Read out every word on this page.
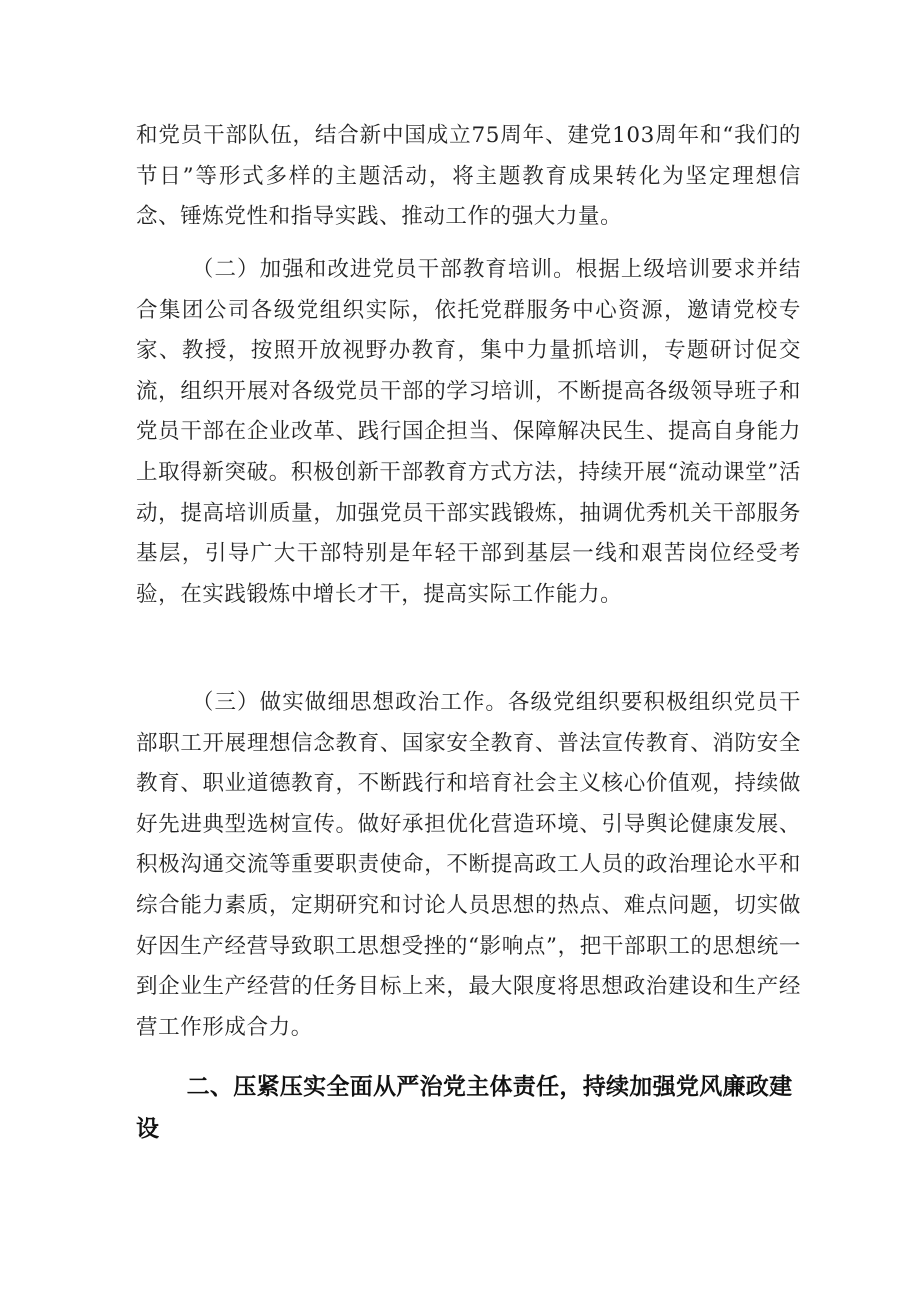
和党员干部队伍，结合新中国成立75周年、建党103周年和“我们的节日”等形式多样的主题活动，将主题教育成果转化为坚定理想信念、锤炼党性和指导实践、推动工作的强大力量。

（二）加强和改进党员干部教育培训。根据上级培训要求并结合集团公司各级党组织实际，依托党群服务中心资源，邀请党校专家、教授，按照开放视野办教育，集中力量抓培训，专题研讨促交流，组织开展对各级党员干部的学习培训，不断提高各级领导班子和党员干部在企业改革、践行国企担当、保障解决民生、提高自身能力上取得新突破。积极创新干部教育方式方法，持续开展“流动课堂”活动，提高培训质量，加强党员干部实践锻炼，抽调优秀机关干部服务基层，引导广大干部特别是年轻干部到基层一线和艰苦岗位经受考验，在实践锻炼中增长才干，提高实际工作能力。

（三）做实做细思想政治工作。各级党组织要积极组织党员干部职工开展理想信念教育、国家安全教育、普法宣传教育、消防安全教育、职业道德教育，不断践行和培育社会主义核心价值观，持续做好先进典型选树宣传。做好承担优化营造环境、引导舆论健康发展、积极沟通交流等重要职责使命，不断提高政工人员的政治理论水平和综合能力素质，定期研究和讨论人员思想的热点、难点问题，切实做好因生产经营导致职工思想受挫的“影响点”，把干部职工的思想统一到企业生产经营的任务目标上来，最大限度将思想政治建设和生产经营工作形成合力。

二、压紧压实全面从严治党主体责任，持续加强党风廉政建设
